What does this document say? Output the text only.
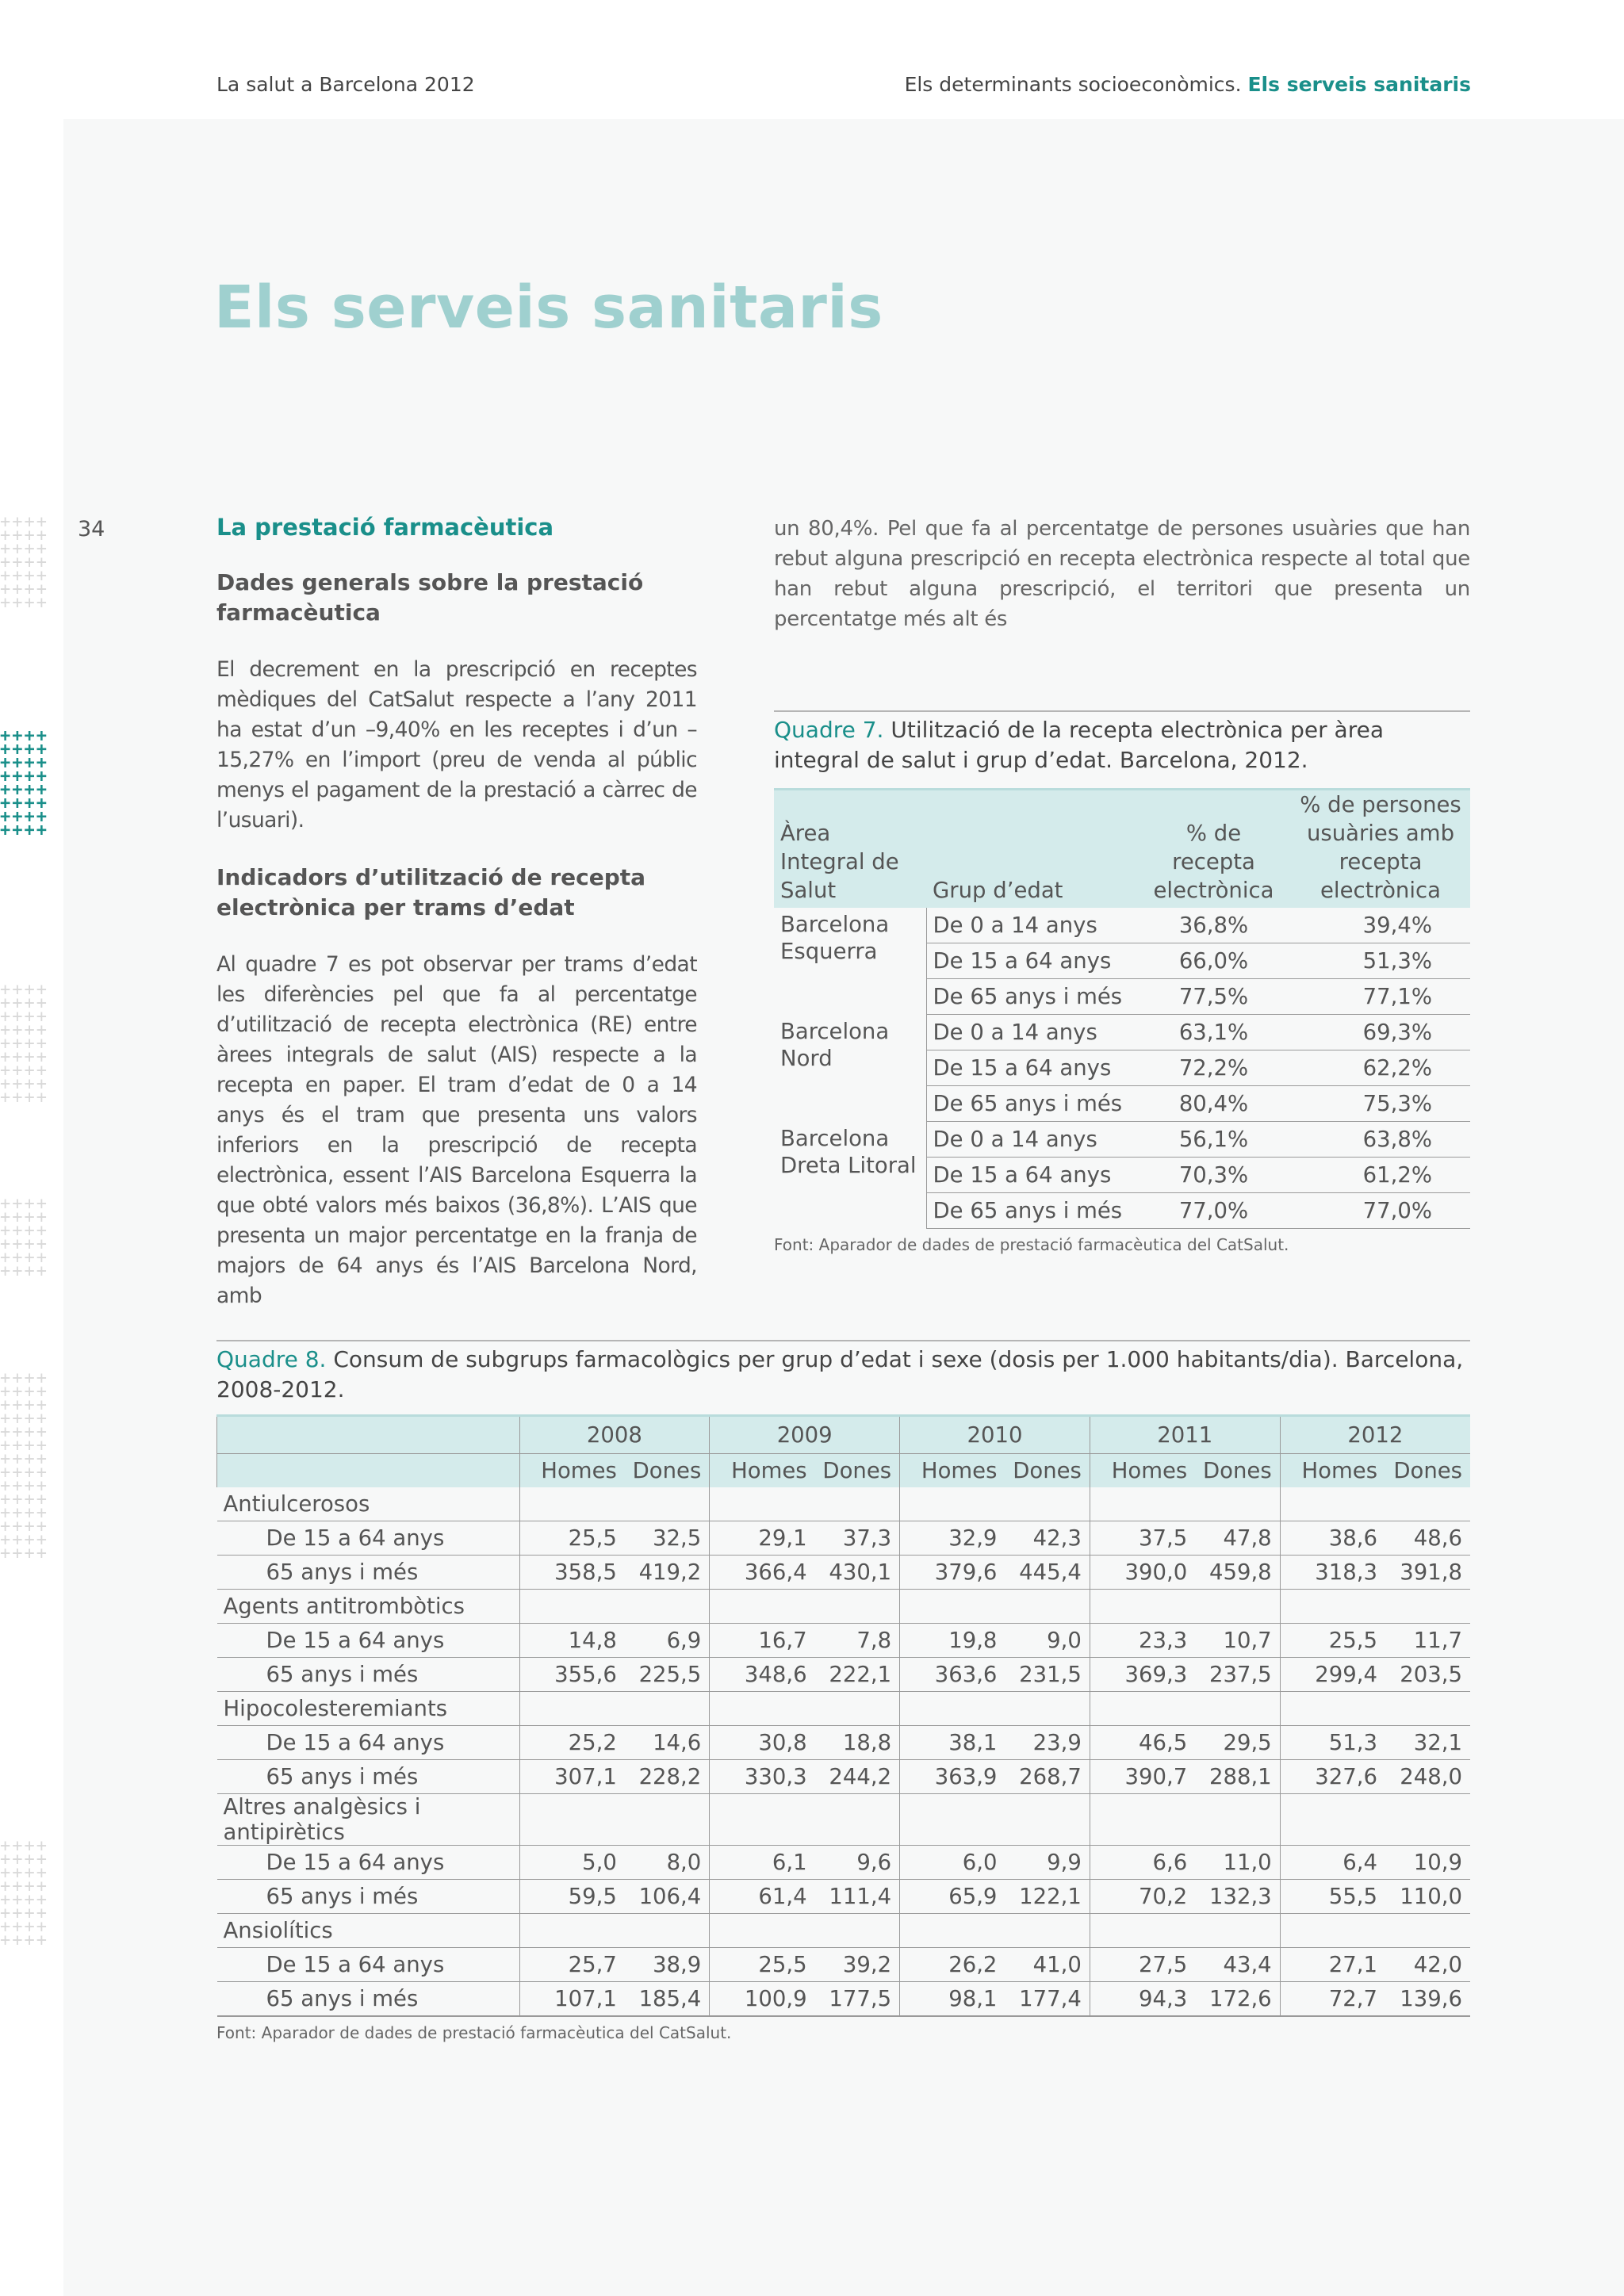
La salut a Barcelona 2012	Els determinants socioeconòmics. Els serveis sanitaris
Els serveis sanitaris
34
++++
++++
++++
++++
++++
++++
++++
++++
++++
++++
++++
++++
++++
++++
++++
++++
++++
++++
++++
++++
++++
++++
++++
++++
++++
++++
++++
++++
++++
++++
++++
++++
++++
++++
++++
++++
++++
++++
++++
++++
++++
++++
++++
++++
++++
++++
++++
++++
++++
++++
++++
++++
La prestació farmacèutica
Dades generals sobre la prestació farmacèutica

El decrement en la prescripció en receptes mèdiques del CatSalut respecte a l’any 2011 ha estat d’un –9,40% en les receptes i d’un –15,27% en l’import (preu de venda al públic menys el pagament de la prestació a càrrec de l’usuari).

Indicadors d’utilització de recepta electrònica per trams d’edat

Al quadre 7 es pot observar per trams d’edat les diferències pel que fa al percentatge d’utilització de recepta electrònica (RE) entre àrees integrals de salut (AIS) respecte a la recepta en paper. El tram d’edat de 0 a 14 anys és el tram que presenta uns valors inferiors en la prescripció de recepta electrònica, essent l’AIS Barcelona Esquerra la que obté valors més baixos (36,8%). L’AIS que presenta un major percentatge en la franja de majors de 64 anys és l’AIS Barcelona Nord, amb

un 80,4%. Pel que fa al percentatge de persones usuàries que han rebut alguna prescripció en recepta electrònica respecte al total que han rebut alguna prescripció, el territori que presenta un percentatge més alt és

Quadre 7. Utilització de la recepta electrònica per àrea integral de salut i grup d’edat. Barcelona, 2012.
Àrea Integral de Salut	Grup d’edat	% de recepta electrònica	% de persones usuàries amb recepta electrònica
Barcelona Esquerra	De 0 a 14 anys	36,8%	39,4%
	De 15 a 64 anys	66,0%	51,3%
	De 65 anys i més	77,5%	77,1%
Barcelona Nord	De 0 a 14 anys	63,1%	69,3%
	De 15 a 64 anys	72,2%	62,2%
	De 65 anys i més	80,4%	75,3%
Barcelona Dreta Litoral	De 0 a 14 anys	56,1%	63,8%
	De 15 a 64 anys	70,3%	61,2%
	De 65 anys i més	77,0%	77,0%
Font: Aparador de dades de prestació farmacèutica del CatSalut.
Quadre 8. Consum de subgrups farmacològics per grup d’edat i sexe (dosis per 1.000 habitants/dia). Barcelona, 2008-2012.
	2008		2009		2010		2011		2012	
	Homes	Dones	Homes	Dones	Homes	Dones	Homes	Dones	Homes	Dones
Antiulcerosos										
De 15 a 64 anys	25,5	32,5	29,1	37,3	32,9	42,3	37,5	47,8	38,6	48,6
65 anys i més	358,5	419,2	366,4	430,1	379,6	445,4	390,0	459,8	318,3	391,8
Agents antitrombòtics										
De 15 a 64 anys	14,8	6,9	16,7	7,8	19,8	9,0	23,3	10,7	25,5	11,7
65 anys i més	355,6	225,5	348,6	222,1	363,6	231,5	369,3	237,5	299,4	203,5
Hipocolesteremiants										
De 15 a 64 anys	25,2	14,6	30,8	18,8	38,1	23,9	46,5	29,5	51,3	32,1
65 anys i més	307,1	228,2	330,3	244,2	363,9	268,7	390,7	288,1	327,6	248,0
Altres analgèsics i antipirètics										
De 15 a 64 anys	5,0	8,0	6,1	9,6	6,0	9,9	6,6	11,0	6,4	10,9
65 anys i més	59,5	106,4	61,4	111,4	65,9	122,1	70,2	132,3	55,5	110,0
Ansiolítics										
De 15 a 64 anys	25,7	38,9	25,5	39,2	26,2	41,0	27,5	43,4	27,1	42,0
65 anys i més	107,1	185,4	100,9	177,5	98,1	177,4	94,3	172,6	72,7	139,6
Font: Aparador de dades de prestació farmacèutica del CatSalut.
